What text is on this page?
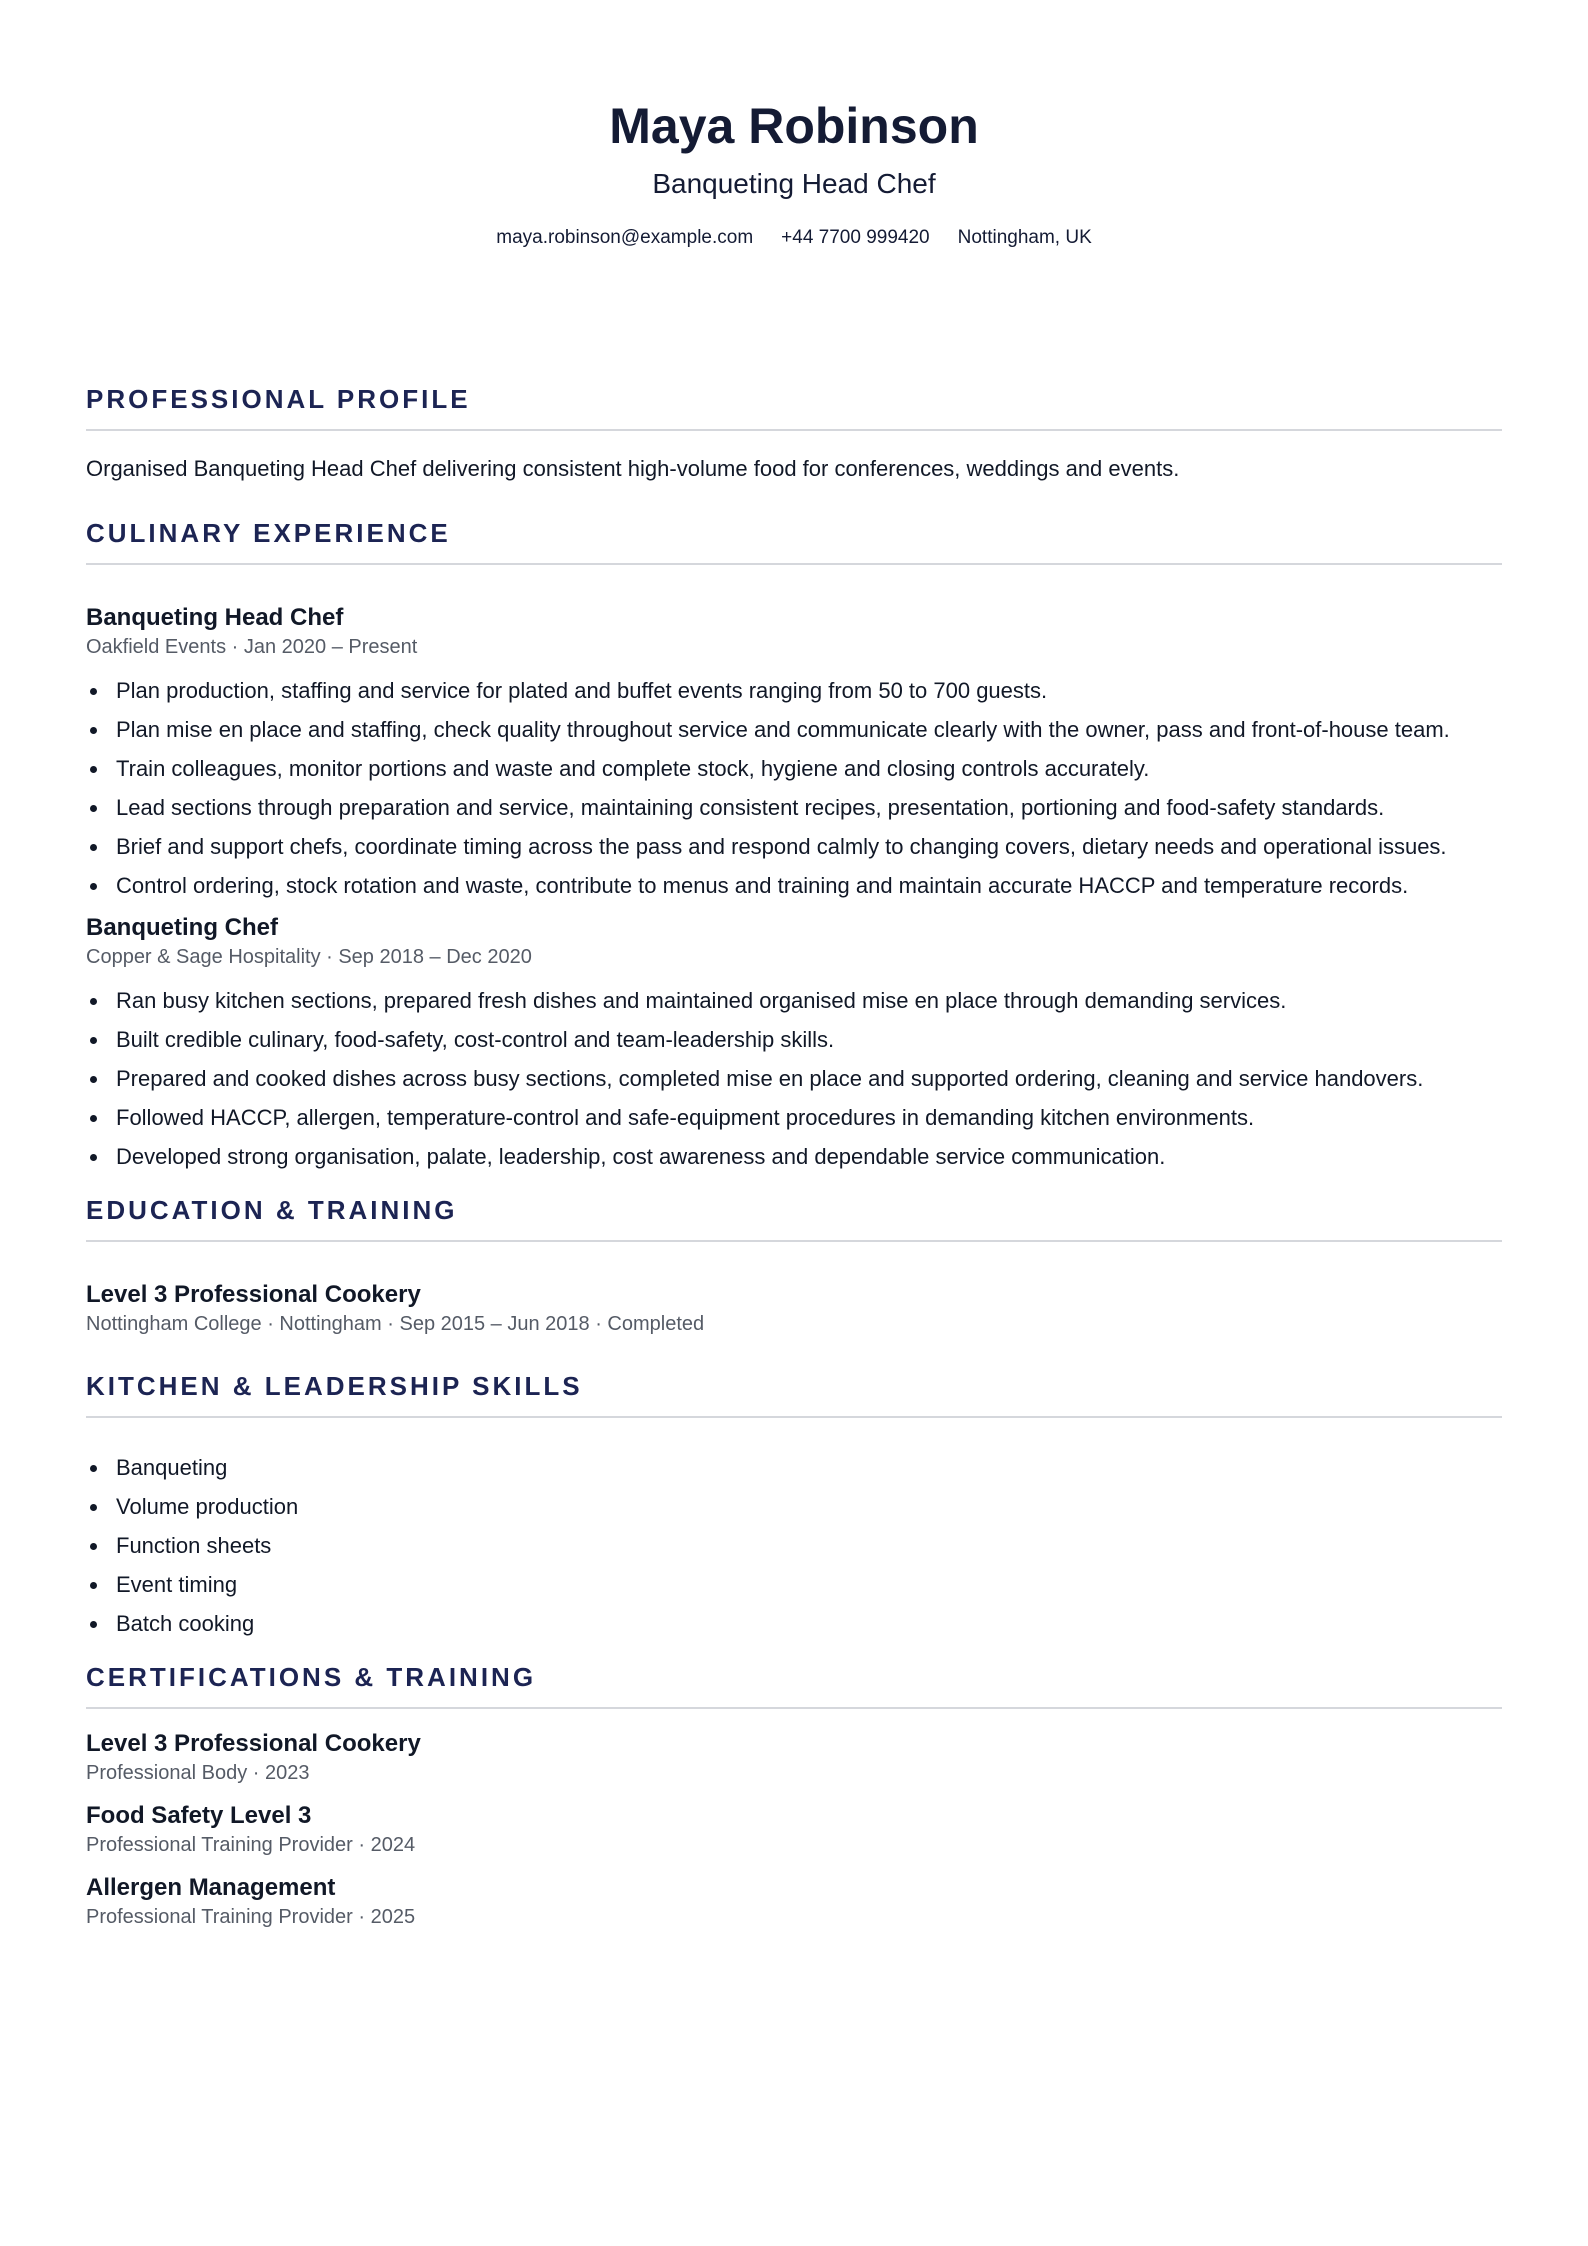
Maya Robinson
Banqueting Head Chef
maya.robinson@example.com +44 7700 999420 Nottingham, UK
PROFESSIONAL PROFILE

Organised Banqueting Head Chef delivering consistent high-volume food for conferences, weddings and events.

CULINARY EXPERIENCE
Banqueting Head Chef
Oakfield Events · Jan 2020 – Present
Plan production, staffing and service for plated and buffet events ranging from 50 to 700 guests.
Plan mise en place and staffing, check quality throughout service and communicate clearly with the owner, pass and front-of-house team.
Train colleagues, monitor portions and waste and complete stock, hygiene and closing controls accurately.
Lead sections through preparation and service, maintaining consistent recipes, presentation, portioning and food-safety standards.
Brief and support chefs, coordinate timing across the pass and respond calmly to changing covers, dietary needs and operational issues.
Control ordering, stock rotation and waste, contribute to menus and training and maintain accurate HACCP and temperature records.
Banqueting Chef
Copper & Sage Hospitality · Sep 2018 – Dec 2020
Ran busy kitchen sections, prepared fresh dishes and maintained organised mise en place through demanding services.
Built credible culinary, food-safety, cost-control and team-leadership skills.
Prepared and cooked dishes across busy sections, completed mise en place and supported ordering, cleaning and service handovers.
Followed HACCP, allergen, temperature-control and safe-equipment procedures in demanding kitchen environments.
Developed strong organisation, palate, leadership, cost awareness and dependable service communication.
EDUCATION & TRAINING
Level 3 Professional Cookery
Nottingham College · Nottingham · Sep 2015 – Jun 2018 · Completed
KITCHEN & LEADERSHIP SKILLS
Banqueting
Volume production
Function sheets
Event timing
Batch cooking
CERTIFICATIONS & TRAINING
Level 3 Professional Cookery
Professional Body · 2023
Food Safety Level 3
Professional Training Provider · 2024
Allergen Management
Professional Training Provider · 2025
